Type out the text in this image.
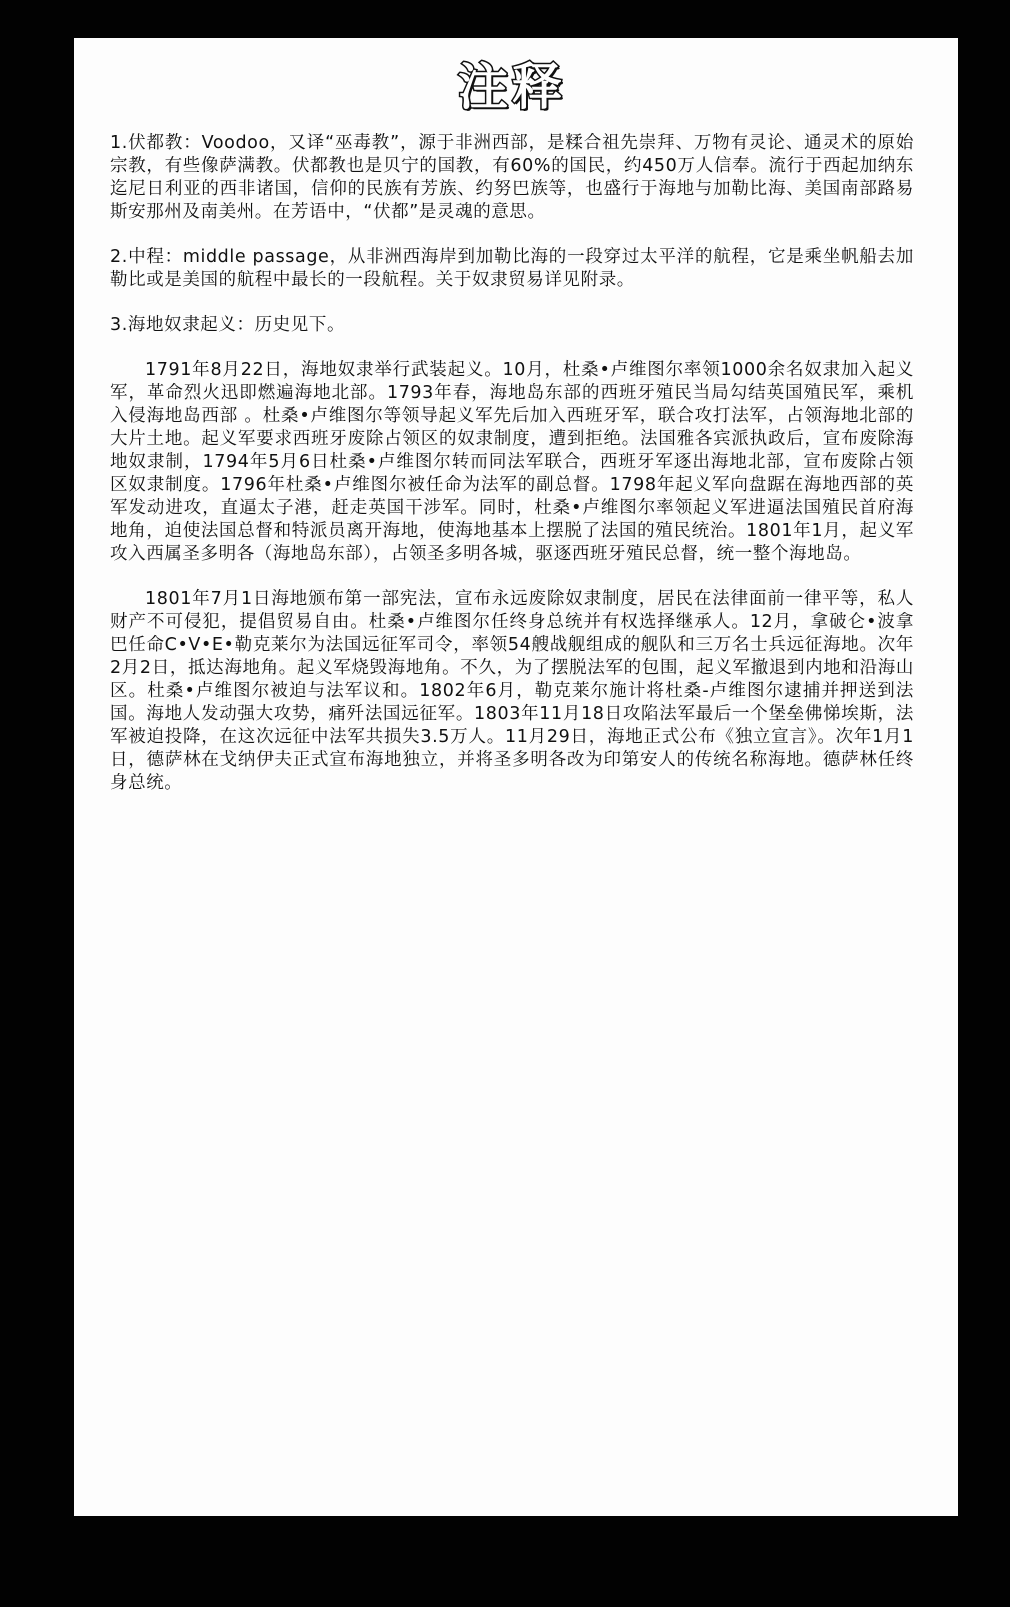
注释

1.伏都教：Voodoo，又译“巫毒教”，源于非洲西部，是糅合祖先崇拜、万物有灵论、通灵术的原始宗教，有些像萨满教。伏都教也是贝宁的国教，有60%的国民，约450万人信奉。流行于西起加纳东迄尼日利亚的西非诸国，信仰的民族有芳族、约努巴族等，也盛行于海地与加勒比海、美国南部路易斯安那州及南美州。在芳语中，“伏都”是灵魂的意思。

2.中程：middle passage，从非洲西海岸到加勒比海的一段穿过太平洋的航程，它是乘坐帆船去加勒比或是美国的航程中最长的一段航程。关于奴隶贸易详见附录。

3.海地奴隶起义：历史见下。

1791年8月22日，海地奴隶举行武装起义。10月，杜桑•卢维图尔率领1000余名奴隶加入起义军，革命烈火迅即燃遍海地北部。1793年春，海地岛东部的西班牙殖民当局勾结英国殖民军，乘机入侵海地岛西部 。杜桑•卢维图尔等领导起义军先后加入西班牙军，联合攻打法军，占领海地北部的大片土地。起义军要求西班牙废除占领区的奴隶制度，遭到拒绝。法国雅各宾派执政后，宣布废除海地奴隶制，1794年5月6日杜桑•卢维图尔转而同法军联合，西班牙军逐出海地北部，宣布废除占领区奴隶制度。1796年杜桑•卢维图尔被任命为法军的副总督。1798年起义军向盘踞在海地西部的英军发动进攻，直逼太子港，赶走英国干涉军。同时，杜桑•卢维图尔率领起义军进逼法国殖民首府海地角，迫使法国总督和特派员离开海地，使海地基本上摆脱了法国的殖民统治。1801年1月，起义军攻入西属圣多明各（海地岛东部），占领圣多明各城，驱逐西班牙殖民总督，统一整个海地岛。

1801年7月1日海地颁布第一部宪法，宣布永远废除奴隶制度，居民在法律面前一律平等，私人财产不可侵犯，提倡贸易自由。杜桑•卢维图尔任终身总统并有权选择继承人。12月，拿破仑•波拿巴任命C•V•E•勒克莱尔为法国远征军司令，率领54艘战舰组成的舰队和三万名士兵远征海地。次年2月2日，抵达海地角。起义军烧毁海地角。不久，为了摆脱法军的包围，起义军撤退到内地和沿海山区。杜桑•卢维图尔被迫与法军议和。1802年6月，勒克莱尔施计将杜桑-卢维图尔逮捕并押送到法国。海地人发动强大攻势，痛歼法国远征军。1803年11月18日攻陷法军最后一个堡垒佛悌埃斯，法军被迫投降，在这次远征中法军共损失3.5万人。11月29日，海地正式公布《独立宣言》。次年1月1日，德萨林在戈纳伊夫正式宣布海地独立，并将圣多明各改为印第安人的传统名称海地。德萨林任终身总统。
